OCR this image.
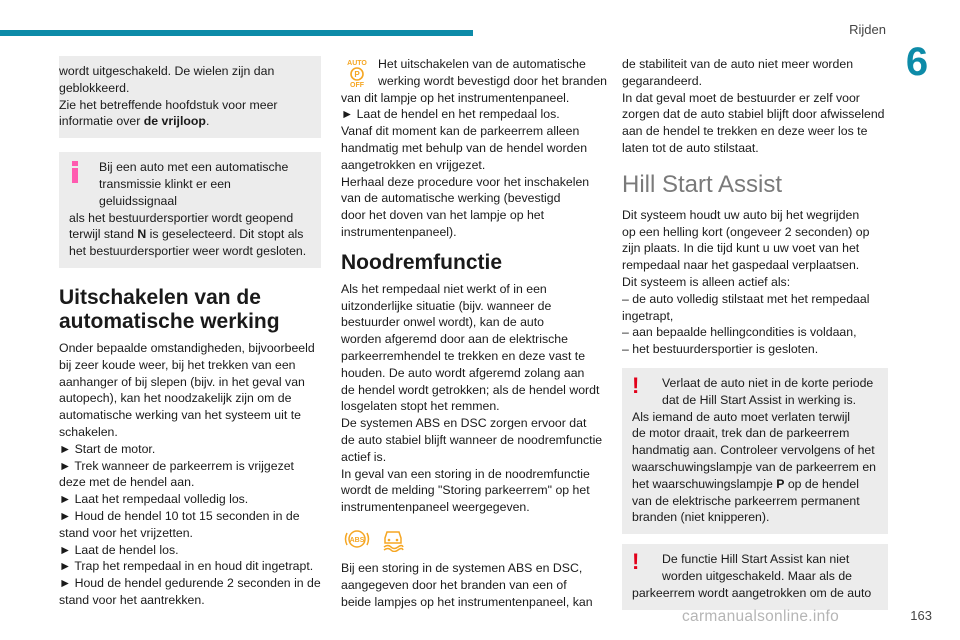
Rijden
6

wordt uitgeschakeld. De wielen zijn dan

geblokkeerd.

Zie het betreffende hoofdstuk voor meer

informatie over de vrijloop.

Bij een auto met een automatische

transmissie klinkt er een geluidssignaal

als het bestuurdersportier wordt geopend

terwijl stand N is geselecteerd. Dit stopt als

het bestuurdersportier weer wordt gesloten.

Uitschakelen van de

automatische werking

Onder bepaalde omstandigheden, bijvoorbeeld

bij zeer koude weer, bij het trekken van een

aanhanger of bij slepen (bijv. in het geval van

autopech), kan het noodzakelijk zijn om de

automatische werking van het systeem uit te

schakelen.

► Start de motor.

► Trek wanneer de parkeerrem is vrijgezet

deze met de hendel aan.

► Laat het rempedaal volledig los.

► Houd de hendel 10 tot 15 seconden in de

stand voor het vrijzetten.

► Laat de hendel los.

► Trap het rempedaal in en houd dit ingetrapt.

► Houd de hendel gedurende 2 seconden in de

stand voor het aantrekken.

AUTO
P
OFF

Het uitschakelen van de automatische

werking wordt bevestigd door het branden

van dit lampje op het instrumentenpaneel.

► Laat de hendel en het rempedaal los.

Vanaf dit moment kan de parkeerrem alleen

handmatig met behulp van de hendel worden

aangetrokken en vrijgezet.

Herhaal deze procedure voor het inschakelen

van de automatische werking (bevestigd

door het doven van het lampje op het

instrumentenpaneel).

Noodremfunctie

Als het rempedaal niet werkt of in een

uitzonderlijke situatie (bijv. wanneer de

bestuurder onwel wordt), kan de auto

worden afgeremd door aan de elektrische

parkeerremhendel te trekken en deze vast te

houden. De auto wordt afgeremd zolang aan

de hendel wordt getrokken; als de hendel wordt

losgelaten stopt het remmen.

De systemen ABS en DSC zorgen ervoor dat

de auto stabiel blijft wanneer de noodremfunctie

actief is.

In geval van een storing in de noodremfunctie

wordt de melding "Storing parkeerrem" op het

instrumentenpaneel weergegeven.

ABS

Bij een storing in de systemen ABS en DSC,

aangegeven door het branden van een of

beide lampjes op het instrumentenpaneel, kan

de stabiliteit van de auto niet meer worden

gegarandeerd.

In dat geval moet de bestuurder er zelf voor

zorgen dat de auto stabiel blijft door afwisselend

aan de hendel te trekken en deze weer los te

laten tot de auto stilstaat.

Hill Start Assist

Dit systeem houdt uw auto bij het wegrijden

op een helling kort (ongeveer 2 seconden) op

zijn plaats. In die tijd kunt u uw voet van het

rempedaal naar het gaspedaal verplaatsen.

Dit systeem is alleen actief als:

– de auto volledig stilstaat met het rempedaal

ingetrapt,

– aan bepaalde hellingcondities is voldaan,

– het bestuurdersportier is gesloten.

!	Verlaat de auto niet in de korte periode

dat de Hill Start Assist in werking is.

Als iemand de auto moet verlaten terwijl

de motor draait, trek dan de parkeerrem

handmatig aan. Controleer vervolgens of het

waarschuwingslampje van de parkeerrem en

het waarschuwingslampje P op de hendel

van de elektrische parkeerrem permanent

branden (niet knipperen).

!	De functie Hill Start Assist kan niet

worden uitgeschakeld. Maar als de

parkeerrem wordt aangetrokken om de auto

carmanualsonline.info	163
